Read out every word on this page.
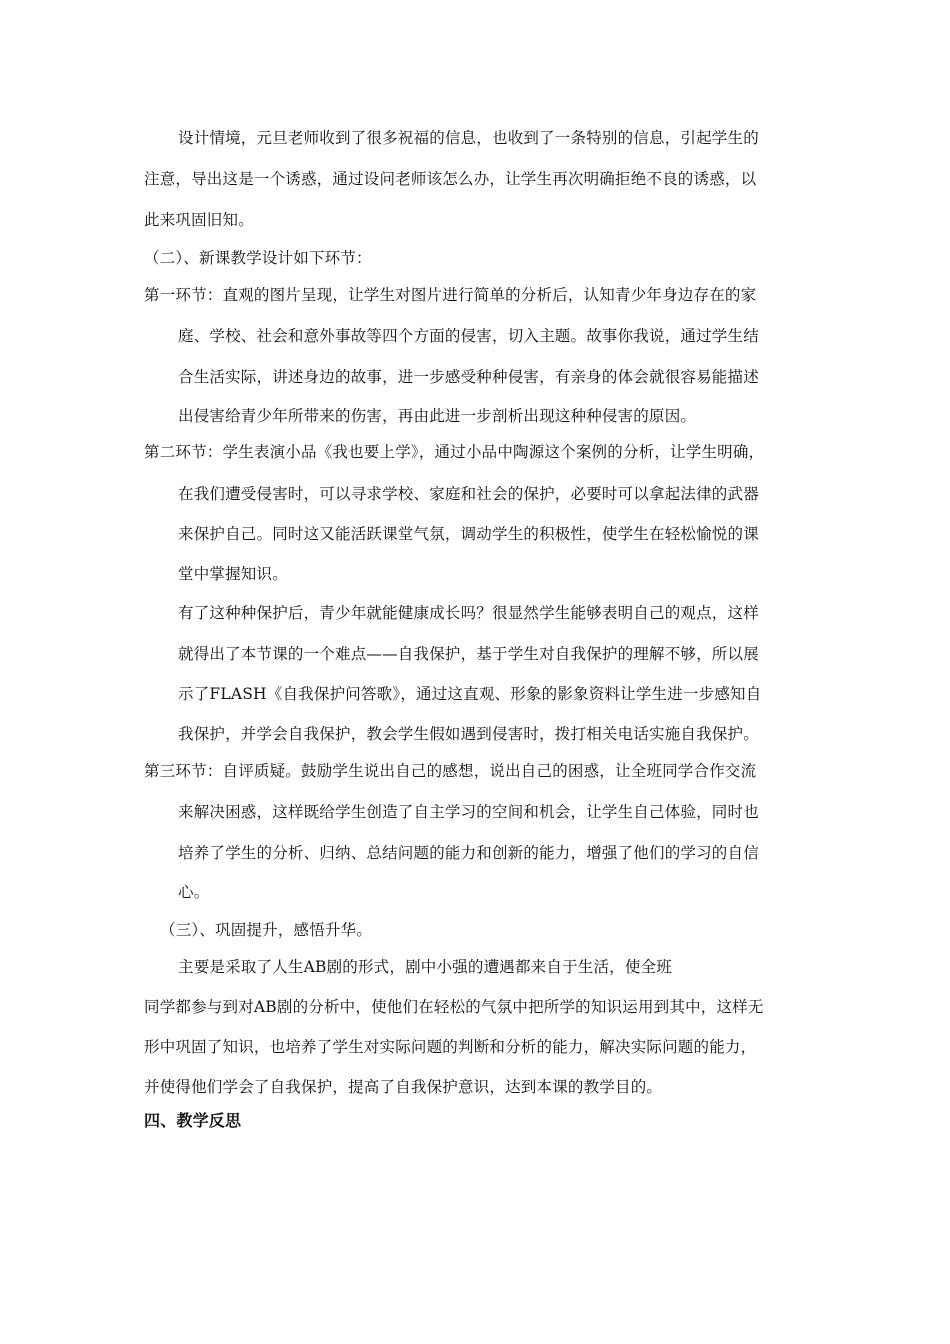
设计情境，元旦老师收到了很多祝福的信息，也收到了一条特别的信息，引起学生的
注意，导出这是一个诱惑，通过设问老师该怎么办，让学生再次明确拒绝不良的诱惑，以
此来巩固旧知。
（二）、新课教学设计如下环节：
第一环节：直观的图片呈现，让学生对图片进行简单的分析后，认知青少年身边存在的家
庭、学校、社会和意外事故等四个方面的侵害，切入主题。故事你我说，通过学生结
合生活实际，讲述身边的故事，进一步感受种种侵害，有亲身的体会就很容易能描述
出侵害给青少年所带来的伤害，再由此进一步剖析出现这种种侵害的原因。
第二环节：学生表演小品《我也要上学》，通过小品中陶源这个案例的分析，让学生明确，
在我们遭受侵害时，可以寻求学校、家庭和社会的保护，必要时可以拿起法律的武器
来保护自己。同时这又能活跃课堂气氛，调动学生的积极性，使学生在轻松愉悦的课
堂中掌握知识。
有了这种种保护后，青少年就能健康成长吗？很显然学生能够表明自己的观点，这样
就得出了本节课的一个难点——自我保护，基于学生对自我保护的理解不够，所以展
示了FLASH《自我保护问答歌》，通过这直观、形象的影象资料让学生进一步感知自
我保护，并学会自我保护，教会学生假如遇到侵害时，拨打相关电话实施自我保护。
第三环节：自评质疑。鼓励学生说出自己的感想，说出自己的困惑，让全班同学合作交流
来解决困惑，这样既给学生创造了自主学习的空间和机会，让学生自己体验，同时也
培养了学生的分析、归纳、总结问题的能力和创新的能力，增强了他们的学习的自信
心。
（三）、巩固提升，感悟升华。
主要是采取了人生AB剧的形式，剧中小强的遭遇都来自于生活，使全班
同学都参与到对AB剧的分析中，使他们在轻松的气氛中把所学的知识运用到其中，这样无
形中巩固了知识，也培养了学生对实际问题的判断和分析的能力，解决实际问题的能力，
并使得他们学会了自我保护，提高了自我保护意识，达到本课的教学目的。
四、教学反思
